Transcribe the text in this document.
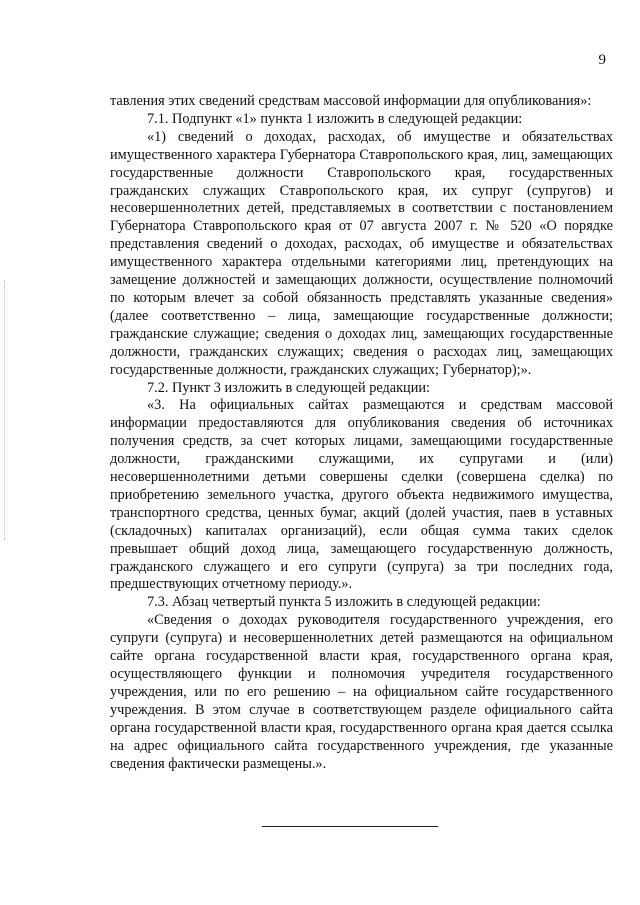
9

тавления этих сведений средствам массовой информации для опубликования»:

7.1. Подпункт «1» пункта 1 изложить в следующей редакции:

«1) сведений о доходах, расходах, об имуществе и обязательствах имущественного характера Губернатора Ставропольского края, лиц, замещающих государственные должности Ставропольского края, государственных гражданских служащих Ставропольского края, их супруг (супругов) и несовершеннолетних детей, представляемых в соответствии с постановлением Губернатора Ставропольского края от 07 августа 2007 г. № 520 «О порядке представления сведений о доходах, расходах, об имуществе и обязательствах имущественного характера отдельными категориями лиц, претендующих на замещение должностей и замещающих должности, осуществление полномочий по которым влечет за собой обязанность представлять указанные сведения» (далее соответственно – лица, замещающие государственные должности; гражданские служащие; сведения о доходах лиц, замещающих государственные должности, гражданских служащих; сведения о расходах лиц, замещающих государственные должности, гражданских служащих; Губернатор);».

7.2. Пункт 3 изложить в следующей редакции:

«3. На официальных сайтах размещаются и средствам массовой информации предоставляются для опубликования сведения об источниках получения средств, за счет которых лицами, замещающими государственные должности, гражданскими служащими, их супругами и (или) несовершеннолетними детьми совершены сделки (совершена сделка) по приобретению земельного участка, другого объекта недвижимого имущества, транспортного средства, ценных бумаг, акций (долей участия, паев в уставных (складочных) капиталах организаций), если общая сумма таких сделок превышает общий доход лица, замещающего государственную должность, гражданского служащего и его супруги (супруга) за три последних года, предшествующих отчетному периоду.».

7.3. Абзац четвертый пункта 5 изложить в следующей редакции:

«Сведения о доходах руководителя государственного учреждения, его супруги (супруга) и несовершеннолетних детей размещаются на официальном сайте органа государственной власти края, государственного органа края, осуществляющего функции и полномочия учредителя государственного учреждения, или по его решению – на официальном сайте государственного учреждения. В этом случае в соответствующем разделе официального сайта органа государственной власти края, государственного органа края дается ссылка на адрес официального сайта государственного учреждения, где указанные сведения фактически размещены.».
